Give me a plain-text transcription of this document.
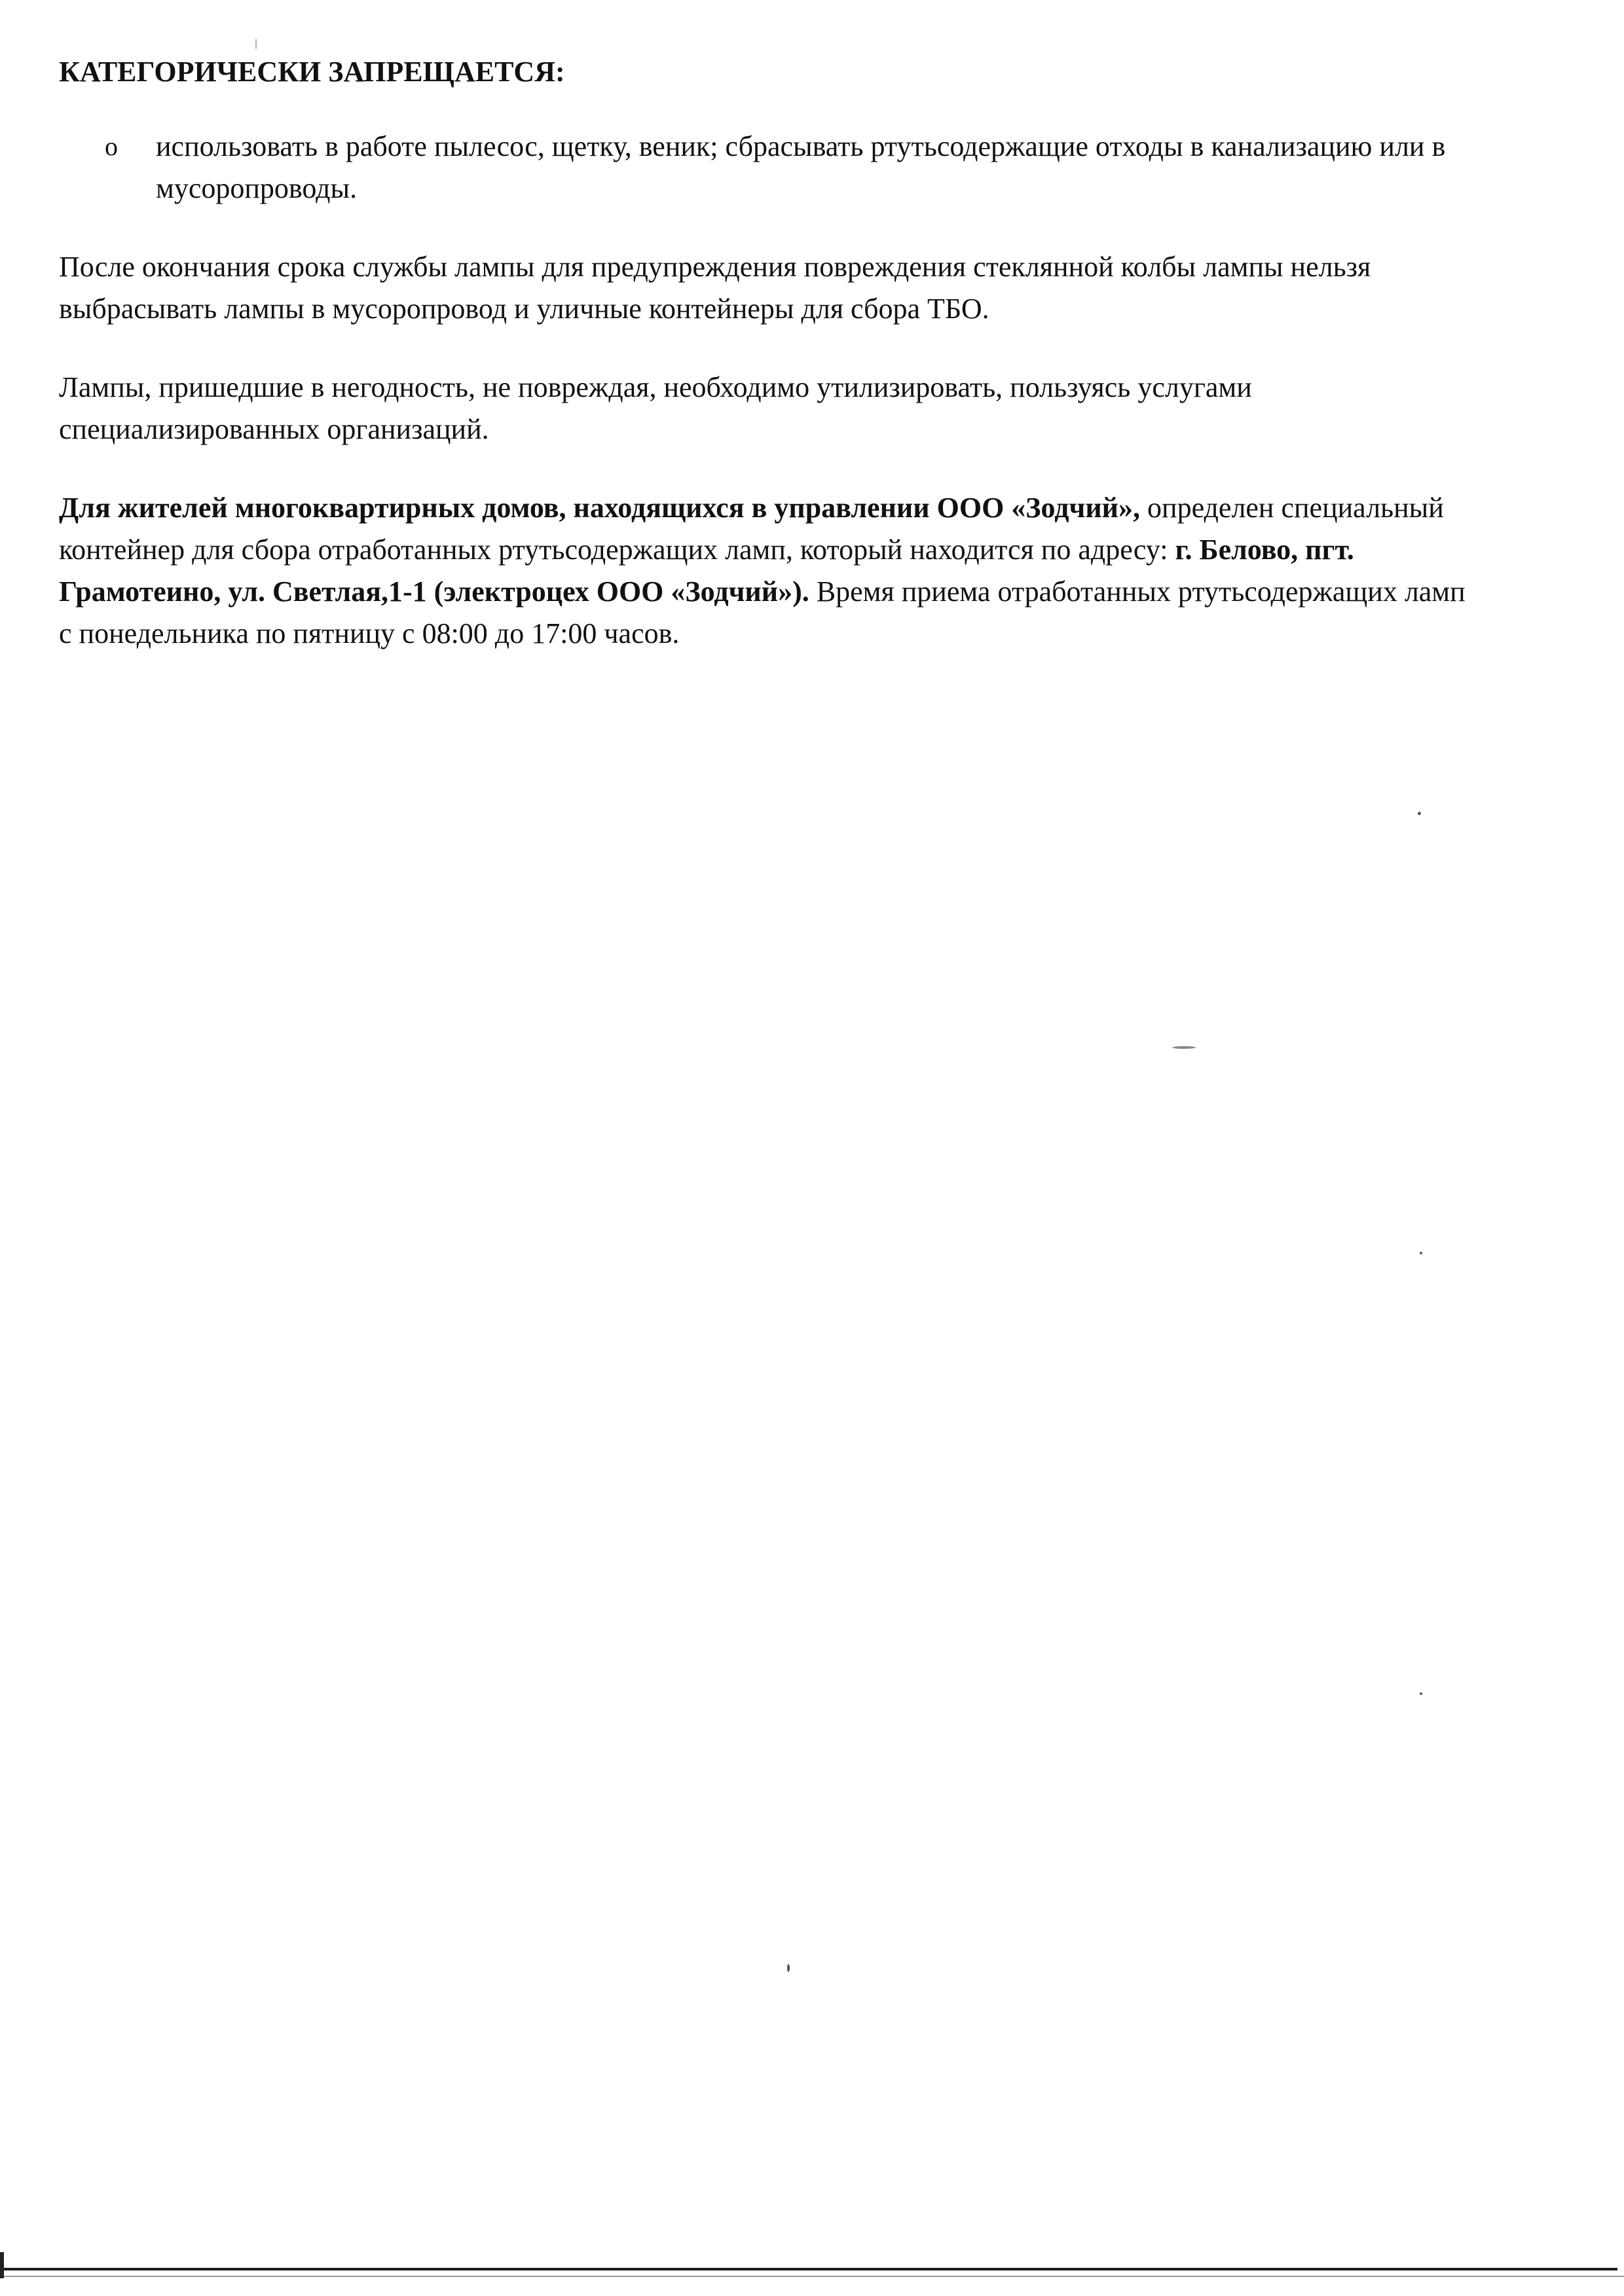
КАТЕГОРИЧЕСКИ ЗАПРЕЩАЕТСЯ:
o использовать в работе пылесос, щетку, веник; сбрасывать ртутьсодержащие отходы в канализацию или в мусоропроводы.

После окончания срока службы лампы для предупреждения повреждения стеклянной колбы лампы нельзя выбрасывать лампы в мусоропровод и уличные контейнеры для сбора ТБО.

Лампы, пришедшие в негодность, не повреждая, необходимо утилизировать, пользуясь услугами специализированных организаций.

Для жителей многоквартирных домов, находящихся в управлении ООО «Зодчий», определен специальный контейнер для сбора отработанных ртутьсодержащих ламп, который находится по адресу: г. Белово, пгт. Грамотеино, ул. Светлая,1-1 (электроцех ООО «Зодчий»). Время приема отработанных ртутьсодержащих ламп с понедельника по пятницу с 08:00 до 17:00 часов.
